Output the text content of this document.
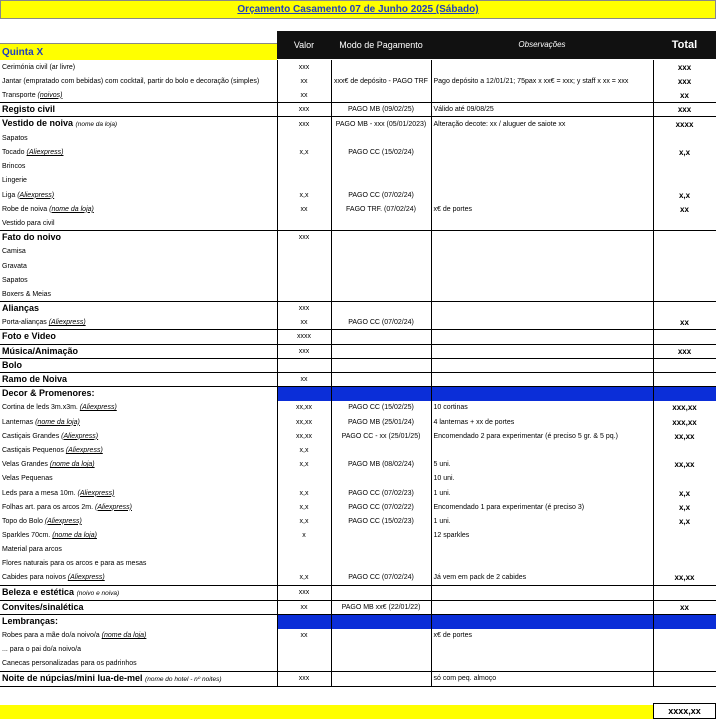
Orçamento Casamento 07 de Junho 2025 (Sábado)
Valor	Modo de Pagamento	Observações	Total
Quinta X
Cerimónia civil (ar livre)	xxx			xxx
Jantar (empratado com bebidas) com cocktail, partir do bolo e decoração (simples)	xx	xxx€ de depósito - PAGO TRF	Pago depósito a 12/01/21; 75pax x xx€ = xxx; y staff x xx = xxx	xxx
Transporte (noivos)	xx			xx
Registo civil	xxx	PAGO MB (09/02/25)	Válido até 09/08/25	xxx
Vestido de noiva (nome da loja)	xxx	PAGO MB - xxx (05/01/2023)	Alteração decote: xx / aluguer de saiote xx	xxxx
Sapatos				
Tocado (Aliexpress)	x,x	PAGO CC (15/02/24)		x,x
Brincos				
Lingerie				
Liga (Aliexpress)	x,x	PAGO CC (07/02/24)		x,x
Robe de noiva (nome da loja)	xx	FAGO TRF. (07/02/24)	x€ de portes	xx
Vestido para civil				
Fato do noivo	xxx			
Camisa				
Gravata				
Sapatos				
Boxers & Meias				
Alianças	xxx			
Porta-alianças (Aliexpress)	xx	PAGO CC (07/02/24)		xx
Foto e Video	xxxx			
Música/Animação	xxx			xxx
Bolo				
Ramo de Noiva	xx			
Decor & Promenores:				
Cortina de leds 3m.x3m. (Aliexpress)	xx,xx	PAGO CC (15/02/25)	10 cortinas	xxx,xx
Lanternas (nome da loja)	xx,xx	PAGO MB (25/01/24)	4 lanternas + xx de portes	xxx,xx
Castiçais Grandes (Aliexpress)	xx,xx	PAGO CC - xx (25/01/25)	Encomendado 2 para experimentar (é preciso 5 gr. & 5 pq.)	xx,xx
Castiçais Pequenos (Aliexpress)	x,x			
Velas Grandes (nome da loja)	x,x	PAGO MB (08/02/24)	5 uni.	xx,xx
Velas Pequenas			10 uni.	
Leds para a mesa 10m. (Aliexpress)	x,x	PAGO CC (07/02/23)	1 uni.	x,x
Folhas art. para os arcos 2m. (Aliexpress)	x,x	PAGO CC (07/02/22)	Encomendado 1 para experimentar (é preciso 3)	x,x
Topo do Bolo (Aliexpress)	x,x	PAGO CC (15/02/23)	1 uni.	x,x
Sparkles 70cm. (nome da loja)	x		12 sparkles	
Material para arcos				
Flores naturais para os arcos e para as mesas				
Cabides para noivos (Aliexpress)	x,x	PAGO CC (07/02/24)	Já vem em pack de 2 cabides	xx,xx
Beleza e estética (noivo e noiva)	xxx			
Convites/sinalética	xx	PAGO MB xx€ (22/01/22)		xx
Lembranças:				
Robes para a mãe do/a noivo/a (nome da loja)	xx		x€ de portes	
... para o pai do/a noivo/a				
Canecas personalizadas para os padrinhos				
Noite de núpcias/mini lua-de-mel (nome do hotel - nº noites)	xxx		só com peq. almoço	
xxxx,xx
